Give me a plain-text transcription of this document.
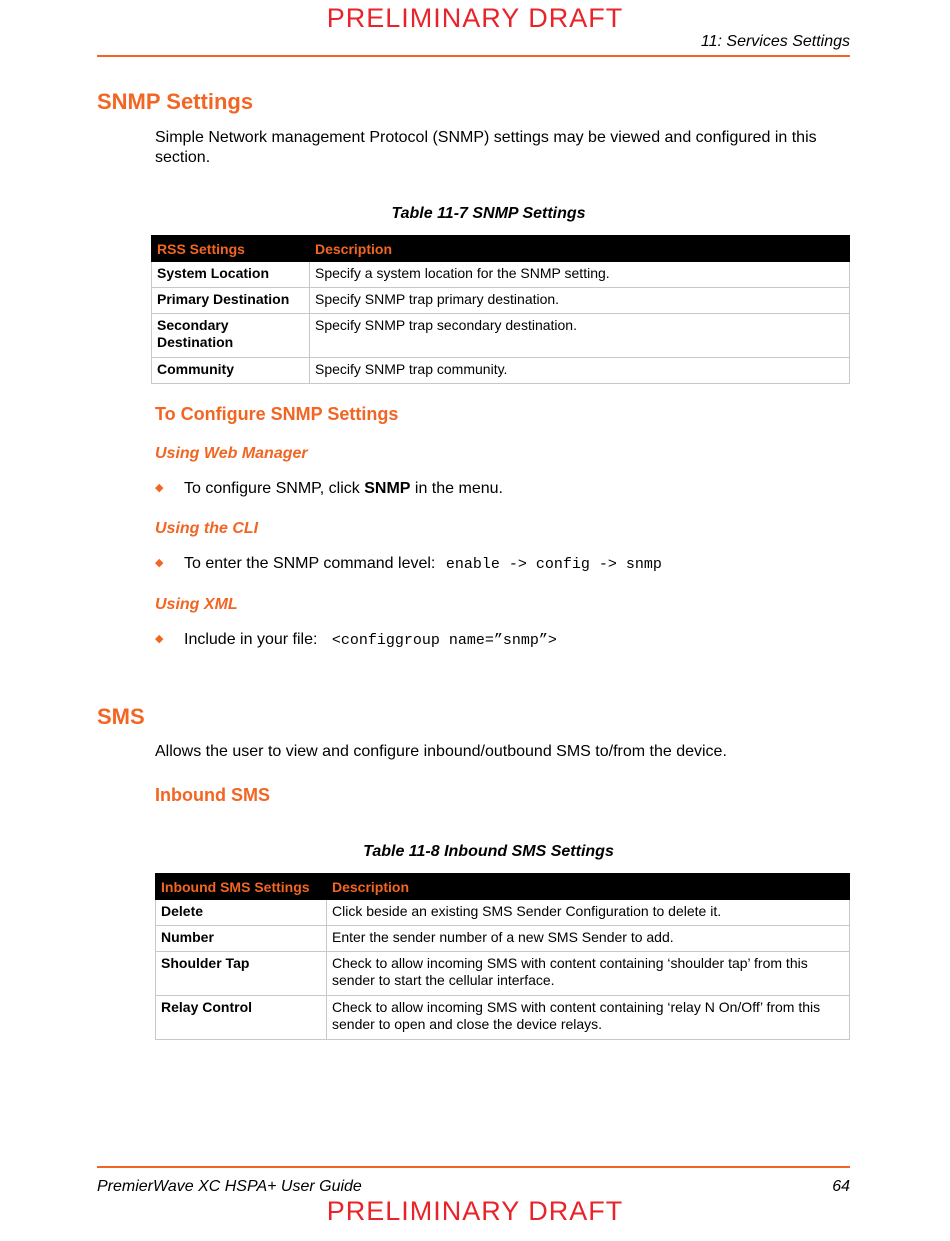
PRELIMINARY DRAFT
11: Services Settings
SNMP Settings
Simple Network management Protocol (SNMP) settings may be viewed and configured in this section.
Table 11-7 SNMP Settings
RSS Settings	Description
System Location	Specify a system location for the SNMP setting.
Primary Destination	Specify SNMP trap primary destination.
Secondary Destination	Specify SNMP trap secondary destination.
Community	Specify SNMP trap community.
To Configure SNMP Settings
Using Web Manager
◆	To configure SNMP, click SNMP in the menu.
Using the CLI
◆	To enter the SNMP command level: enable -> config -> snmp
Using XML
◆	Include in your file: <configgroup name=”snmp”>
SMS
Allows the user to view and configure inbound/outbound SMS to/from the device.
Inbound SMS
Table 11-8 Inbound SMS Settings
Inbound SMS Settings	Description
Delete	Click beside an existing SMS Sender Configuration to delete it.
Number	Enter the sender number of a new SMS Sender to add.
Shoulder Tap	Check to allow incoming SMS with content containing ‘shoulder tap’ from this sender to start the cellular interface.
Relay Control	Check to allow incoming SMS with content containing ‘relay N On/Off’ from this sender to open and close the device relays.
PremierWave XC HSPA+ User Guide	64
PRELIMINARY DRAFT
